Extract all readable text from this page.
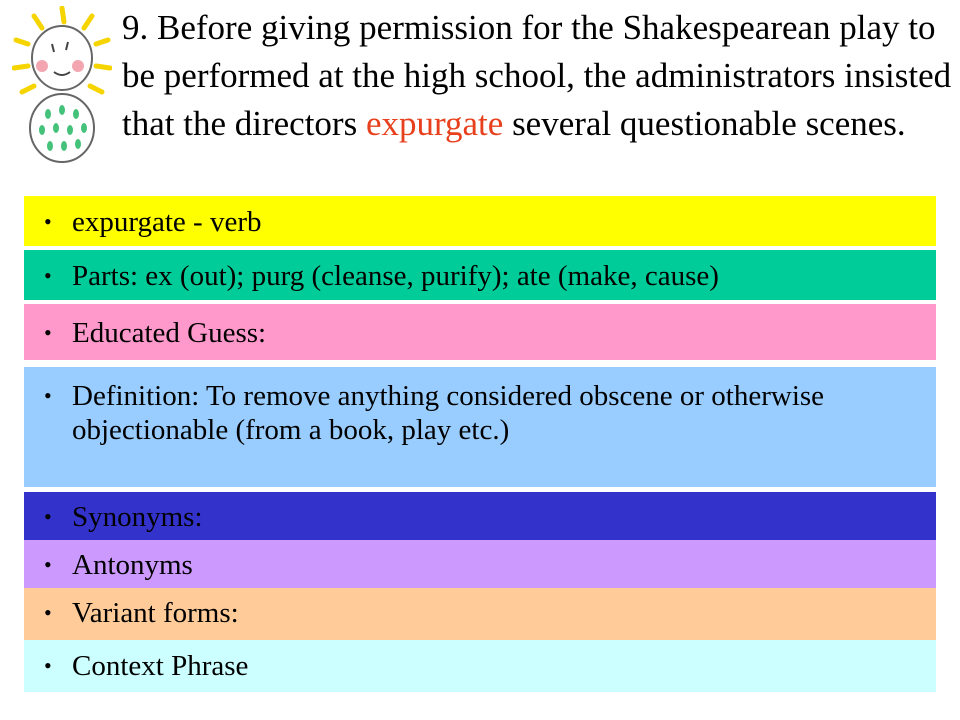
9. Before giving permission for the Shakespearean play to be performed at the high school, the administrators insisted that the directors expurgate several questionable scenes.

• expurgate - verb
• Parts: ex (out); purg (cleanse, purify); ate (make, cause)
• Educated Guess:
• Definition: To remove anything considered obscene or otherwise objectionable (from a book, play etc.)
• Synonyms:
• Antonyms
• Variant forms:
• Context Phrase
